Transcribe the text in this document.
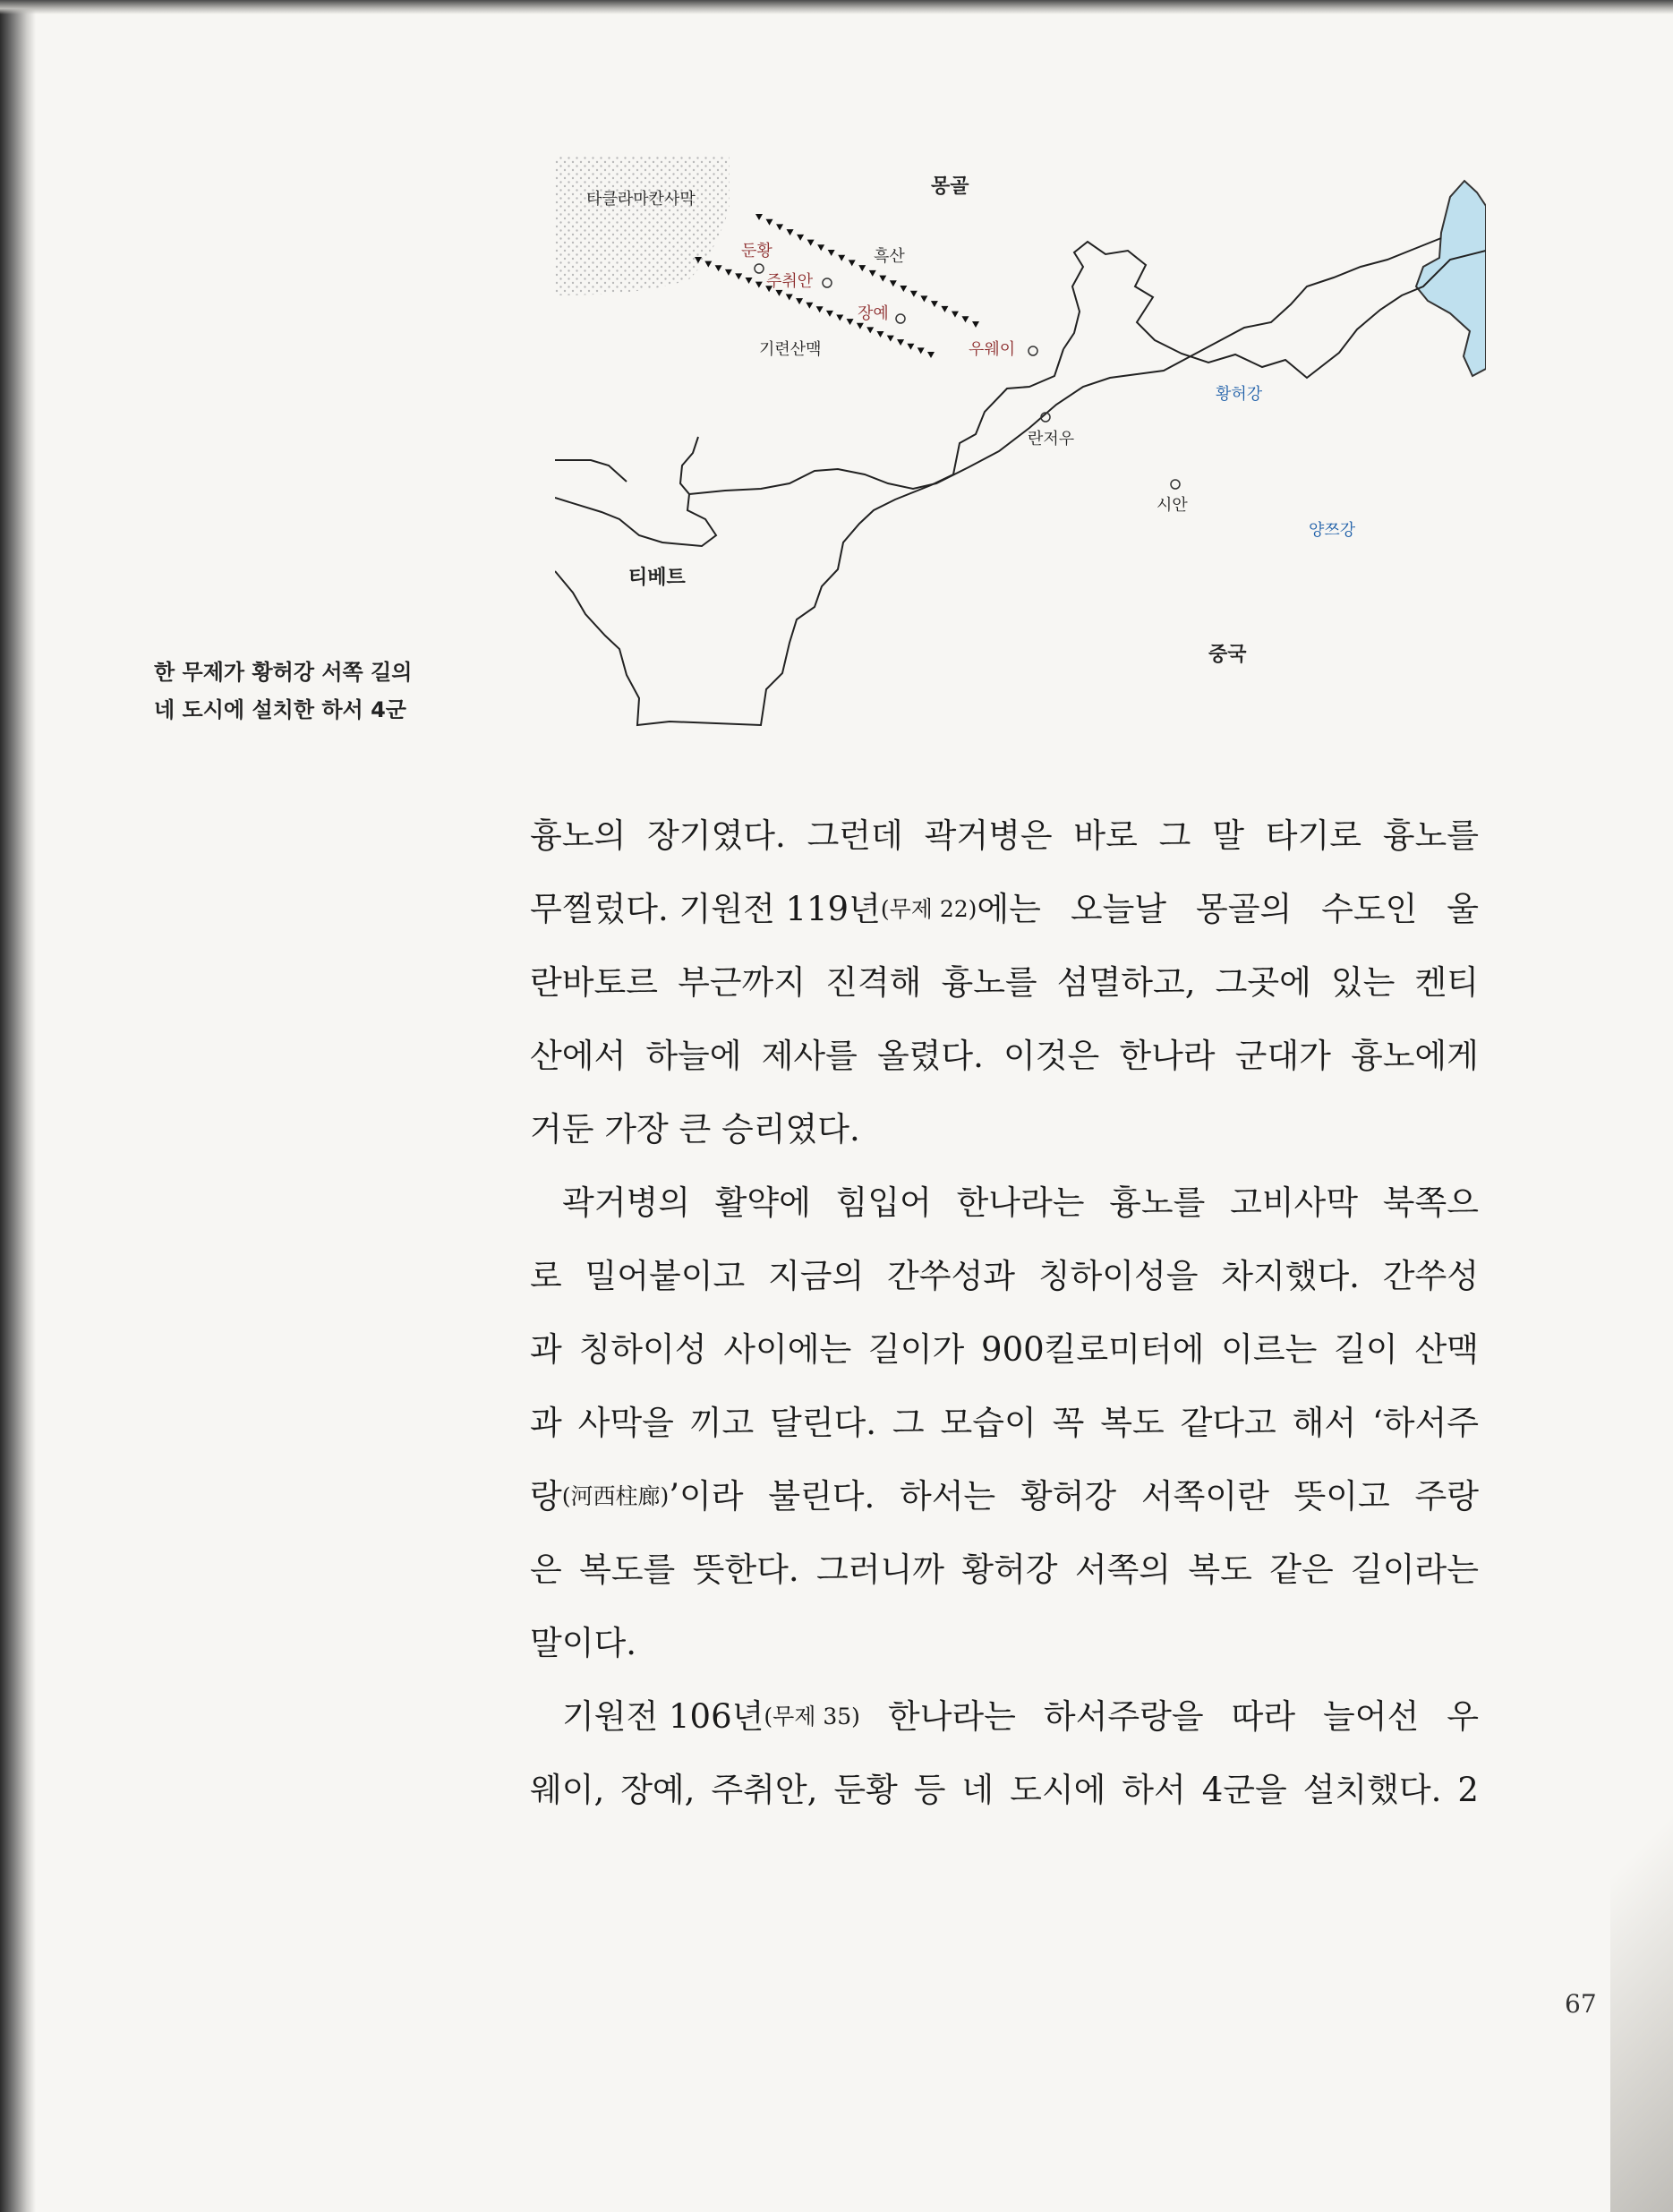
타클라마칸사막
몽골
둔황	흑산
주취안
장예
기련산맥	우웨이
황허강
란저우
시안
양쯔강
티베트
중국
한 무제가 황허강 서쪽 길의
네 도시에 설치한 하서 4군
흉노의 장기였다. 그런데 곽거병은 바로 그 말 타기로 흉노를
무찔렀다. 기원전 119년 (무제 22) 에는 오늘날 몽골의 수도인 울
란바토르 부근까지 진격해 흉노를 섬멸하고, 그곳에 있는 켄티
산에서 하늘에 제사를 올렸다. 이것은 한나라 군대가 흉노에게
거둔 가장 큰 승리였다.
곽거병의 활약에 힘입어 한나라는 흉노를 고비사막 북쪽으
로 밀어붙이고 지금의 간쑤성과 칭하이성을 차지했다. 간쑤성
과 칭하이성 사이에는 길이가 900킬로미터에 이르는 길이 산맥
과 사막을 끼고 달린다. 그 모습이 꼭 복도 같다고 해서 ‘하서주
랑 (河西柱廊) ’이라 불린다. 하서는 황허강 서쪽이란 뜻이고 주랑
은 복도를 뜻한다. 그러니까 황허강 서쪽의 복도 같은 길이라는
말이다.
기원전 106년 (무제 35) 한나라는 하서주랑을 따라 늘어선 우
웨이, 장예, 주취안, 둔황 등 네 도시에 하서 4군을 설치했다. 2
67
